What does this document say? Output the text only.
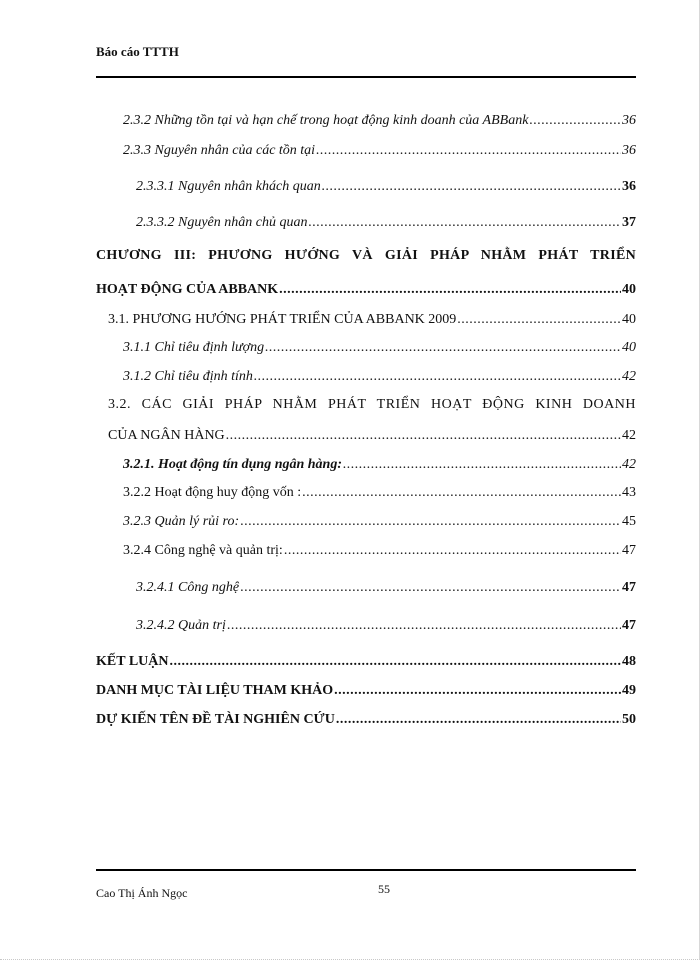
Báo cáo TTTH
2.3.2 Những tồn tại và hạn chế trong hoạt động kinh doanh của ABBank .....	36
2.3.3 Nguyên nhân của các tồn tại .....	36
2.3.3.1 Nguyên nhân khách quan .....	36
2.3.3.2 Nguyên nhân chủ quan .....	37
CHƯƠNG III: PHƯƠNG HƯỚNG VÀ GIẢI PHÁP NHẰM PHÁT TRIỂN
HOẠT ĐỘNG CỦA ABBANK .....	40
3.1. PHƯƠNG HƯỚNG PHÁT TRIỂN CỦA ABBANK 2009 .....	40
3.1.1 Chỉ tiêu định lượng .....	40
3.1.2 Chỉ tiêu định tính .....	42
3.2. CÁC GIẢI PHÁP NHẰM PHÁT TRIỂN HOẠT ĐỘNG KINH DOANH
CỦA NGÂN HÀNG .....	42
3.2.1. Hoạt động tín dụng ngân hàng: .....	42
3.2.2 Hoạt động huy động vốn : .....	43
3.2.3 Quản lý rủi ro: .....	45
3.2.4 Công nghệ và quản trị: .....	47
3.2.4.1 Công nghệ .....	47
3.2.4.2 Quản trị .....	47
KẾT LUẬN .....	48
DANH MỤC TÀI LIỆU THAM KHẢO .....	49
DỰ KIẾN TÊN ĐỀ TÀI NGHIÊN CỨU .....	50
Cao Thị Ánh Ngọc	55
